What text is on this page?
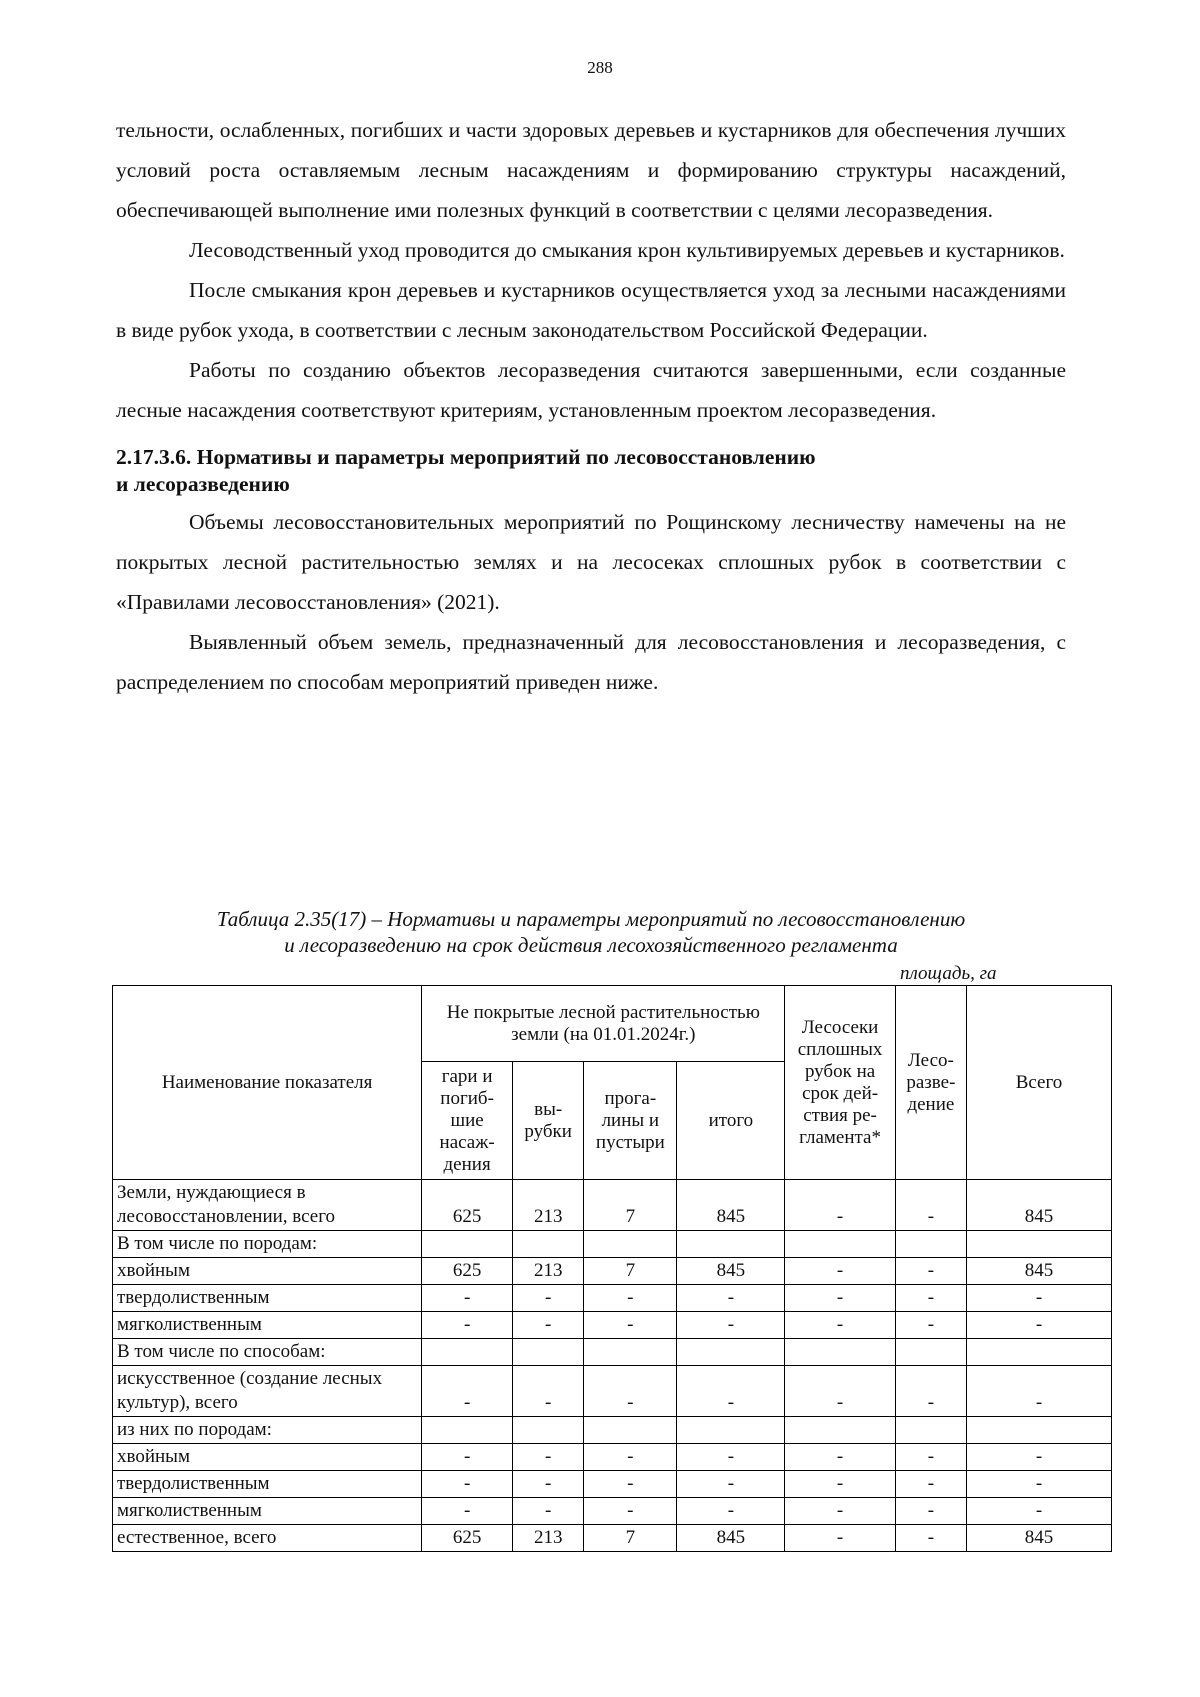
288

тельности, ослабленных, погибших и части здоровых деревьев и кустарников для обеспечения лучших условий роста оставляемым лесным насаждениям и формированию структуры насаждений, обеспечивающей выполнение ими полезных функций в соответствии с целями лесоразведения.

Лесоводственный уход проводится до смыкания крон культивируемых деревьев и кустарников.

После смыкания крон деревьев и кустарников осуществляется уход за лесными насаждениями в виде рубок ухода, в соответствии с лесным законодательством Российской Федерации.

Работы по созданию объектов лесоразведения считаются завершенными, если созданные лесные насаждения соответствуют критериям, установленным проектом лесоразведения.

2.17.3.6. Нормативы и параметры мероприятий по лесовосстановлению
и лесоразведению

Объемы лесовосстановительных мероприятий по Рощинскому лесничеству намечены на не покрытых лесной растительностью землях и на лесосеках сплошных рубок в соответствии с «Правилами лесовосстановления» (2021).

Выявленный объем земель, предназначенный для лесовосстановления и лесоразведения, с распределением по способам мероприятий приведен ниже.

Таблица 2.35(17) – Нормативы и параметры мероприятий по лесовосстановлению
и лесоразведению на срок действия лесохозяйственного регламента
площадь, га
Наименование показателя	Не покрытые лесной растительностью земли (на 01.01.2024г.)				Лесосеки сплошных рубок на срок дей-ствия ре-гламента*	Лесо-разве-дение	Всего
	гари и погиб-шие насаж-дения	вы-рубки	прога-лины и пустыри	итого			
Земли, нуждающиеся в лесовосстановлении, всего	625	213	7	845	-	-	845
В том числе по породам:							
хвойным	625	213	7	845	-	-	845
твердолиственным	-	-	-	-	-	-	-
мягколиственным	-	-	-	-	-	-	-
В том числе по способам:							
искусственное (создание лесных культур), всего	-	-	-	-	-	-	-
из них по породам:							
хвойным	-	-	-	-	-	-	-
твердолиственным	-	-	-	-	-	-	-
мягколиственным	-	-	-	-	-	-	-
естественное, всего	625	213	7	845	-	-	845
